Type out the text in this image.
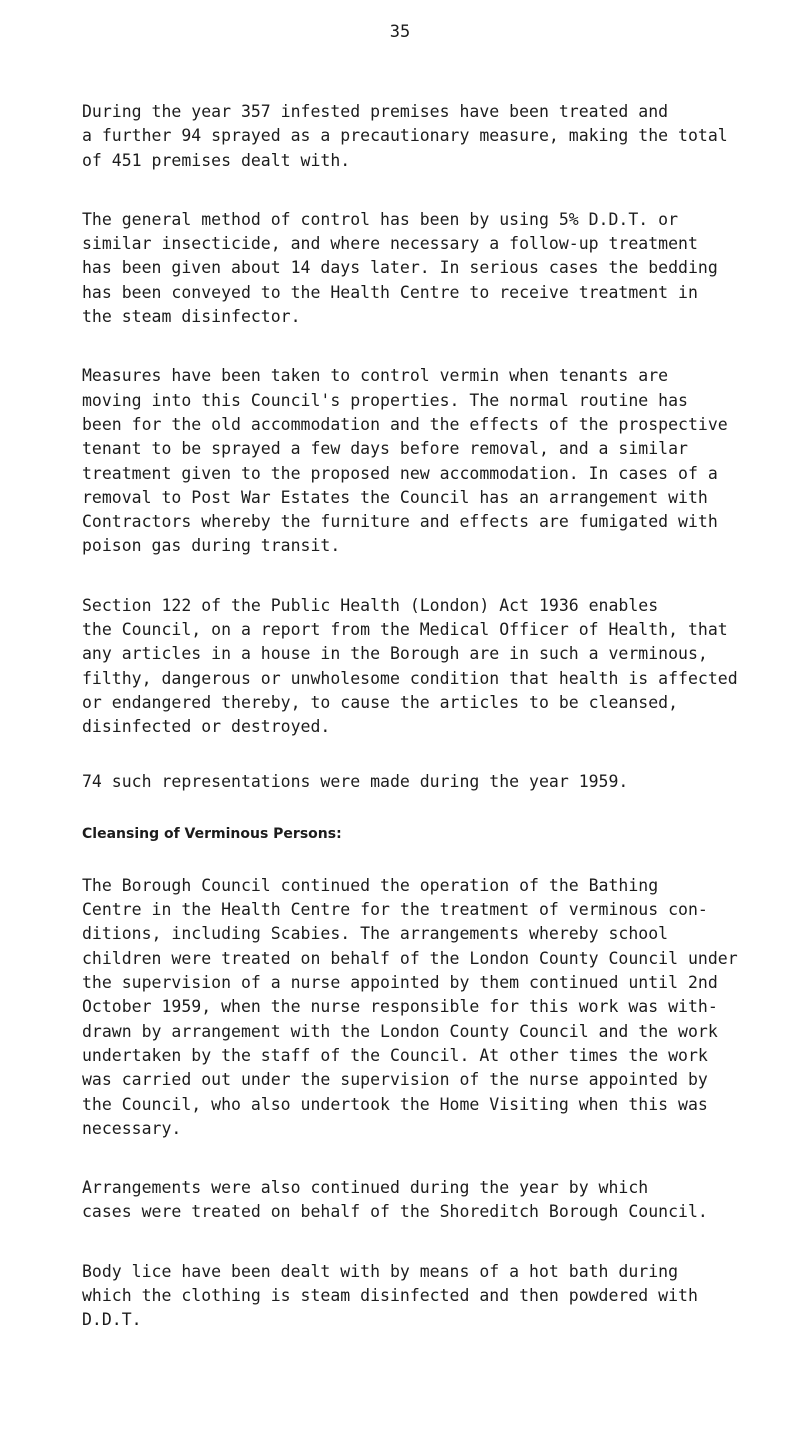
35

During the year 357 infested premises have been treated and
a further 94 sprayed as a precautionary measure, making the total
of 451 premises dealt with.

The general method of control has been by using 5% D.D.T. or
similar insecticide, and where necessary a follow-up treatment
has been given about 14 days later. In serious cases the bedding
has been conveyed to the Health Centre to receive treatment in
the steam disinfector.

Measures have been taken to control vermin when tenants are
moving into this Council's properties. The normal routine has
been for the old accommodation and the effects of the prospective
tenant to be sprayed a few days before removal, and a similar
treatment given to the proposed new accommodation. In cases of a
removal to Post War Estates the Council has an arrangement with
Contractors whereby the furniture and effects are fumigated with
poison gas during transit.

Section 122 of the Public Health (London) Act 1936 enables
the Council, on a report from the Medical Officer of Health, that
any articles in a house in the Borough are in such a verminous,
filthy, dangerous or unwholesome condition that health is affected
or endangered thereby, to cause the articles to be cleansed,
disinfected or destroyed.

74 such representations were made during the year 1959.

Cleansing of Verminous Persons:

The Borough Council continued the operation of the Bathing
Centre in the Health Centre for the treatment of verminous con-
ditions, including Scabies. The arrangements whereby school
children were treated on behalf of the London County Council under
the supervision of a nurse appointed by them continued until 2nd
October 1959, when the nurse responsible for this work was with-
drawn by arrangement with the London County Council and the work
undertaken by the staff of the Council. At other times the work
was carried out under the supervision of the nurse appointed by
the Council, who also undertook the Home Visiting when this was
necessary.

Arrangements were also continued during the year by which
cases were treated on behalf of the Shoreditch Borough Council.

Body lice have been dealt with by means of a hot bath during
which the clothing is steam disinfected and then powdered with
D.D.T.
